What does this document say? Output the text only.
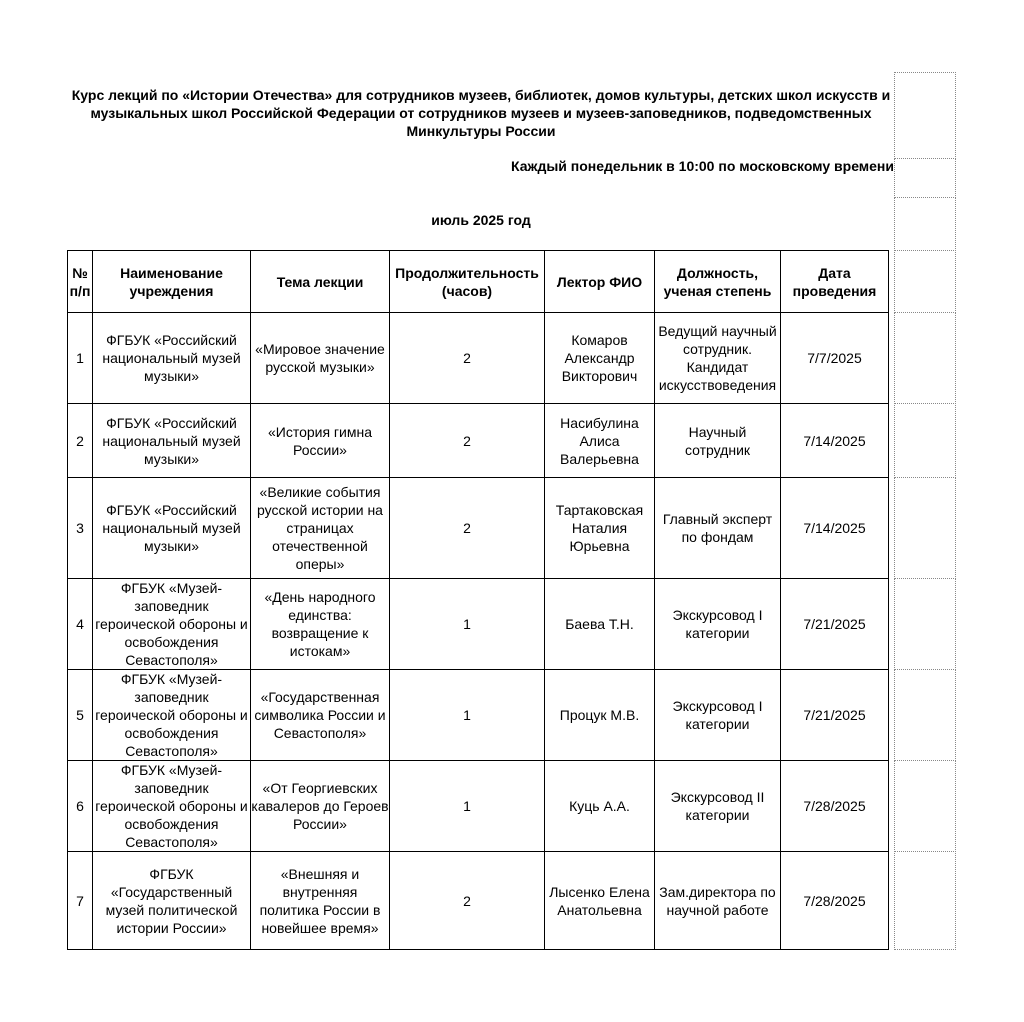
Курс лекций по «Истории Отечества» для сотрудников музеев, библиотек, домов культуры, детских школ искусств и музыкальных школ Российской Федерации от сотрудников музеев и музеев-заповедников, подведомственных Минкультуры России
Каждый понедельник в 10:00 по московскому времени
июль 2025 год
№ п/п	Наименование учреждения	Тема лекции	Продолжительность (часов)	Лектор ФИО	Должность, ученая степень	Дата проведения
1	ФГБУК «Российский национальный музей музыки»	«Мировое значение русской музыки»	2	Комаров Александр Викторович	Ведущий научный сотрудник. Кандидат искусствоведения	7/7/2025
2	ФГБУК «Российский национальный музей музыки»	«История гимна России»	2	Насибулина Алиса Валерьевна	Научный сотрудник	7/14/2025
3	ФГБУК «Российский национальный музей музыки»	«Великие события русской истории на страницах отечественной оперы»	2	Тартаковская Наталия Юрьевна	Главный эксперт по фондам	7/14/2025
4	ФГБУК «Музей-заповедник героической обороны и освобождения Севастополя»	«День народного единства: возвращение к истокам»	1	Баева Т.Н.	Экскурсовод I категории	7/21/2025
5	ФГБУК «Музей-заповедник героической обороны и освобождения Севастополя»	«Государственная символика России и Севастополя»	1	Процук М.В.	Экскурсовод I категории	7/21/2025
6	ФГБУК «Музей-заповедник героической обороны и освобождения Севастополя»	«От Георгиевских кавалеров до Героев России»	1	Куць А.А.	Экскурсовод II категории	7/28/2025
7	ФГБУК «Государственный музей политической истории России»	«Внешняя и внутренняя политика России в новейшее время»	2	Лысенко Елена Анатольевна	Зам.директора по научной работе	7/28/2025
